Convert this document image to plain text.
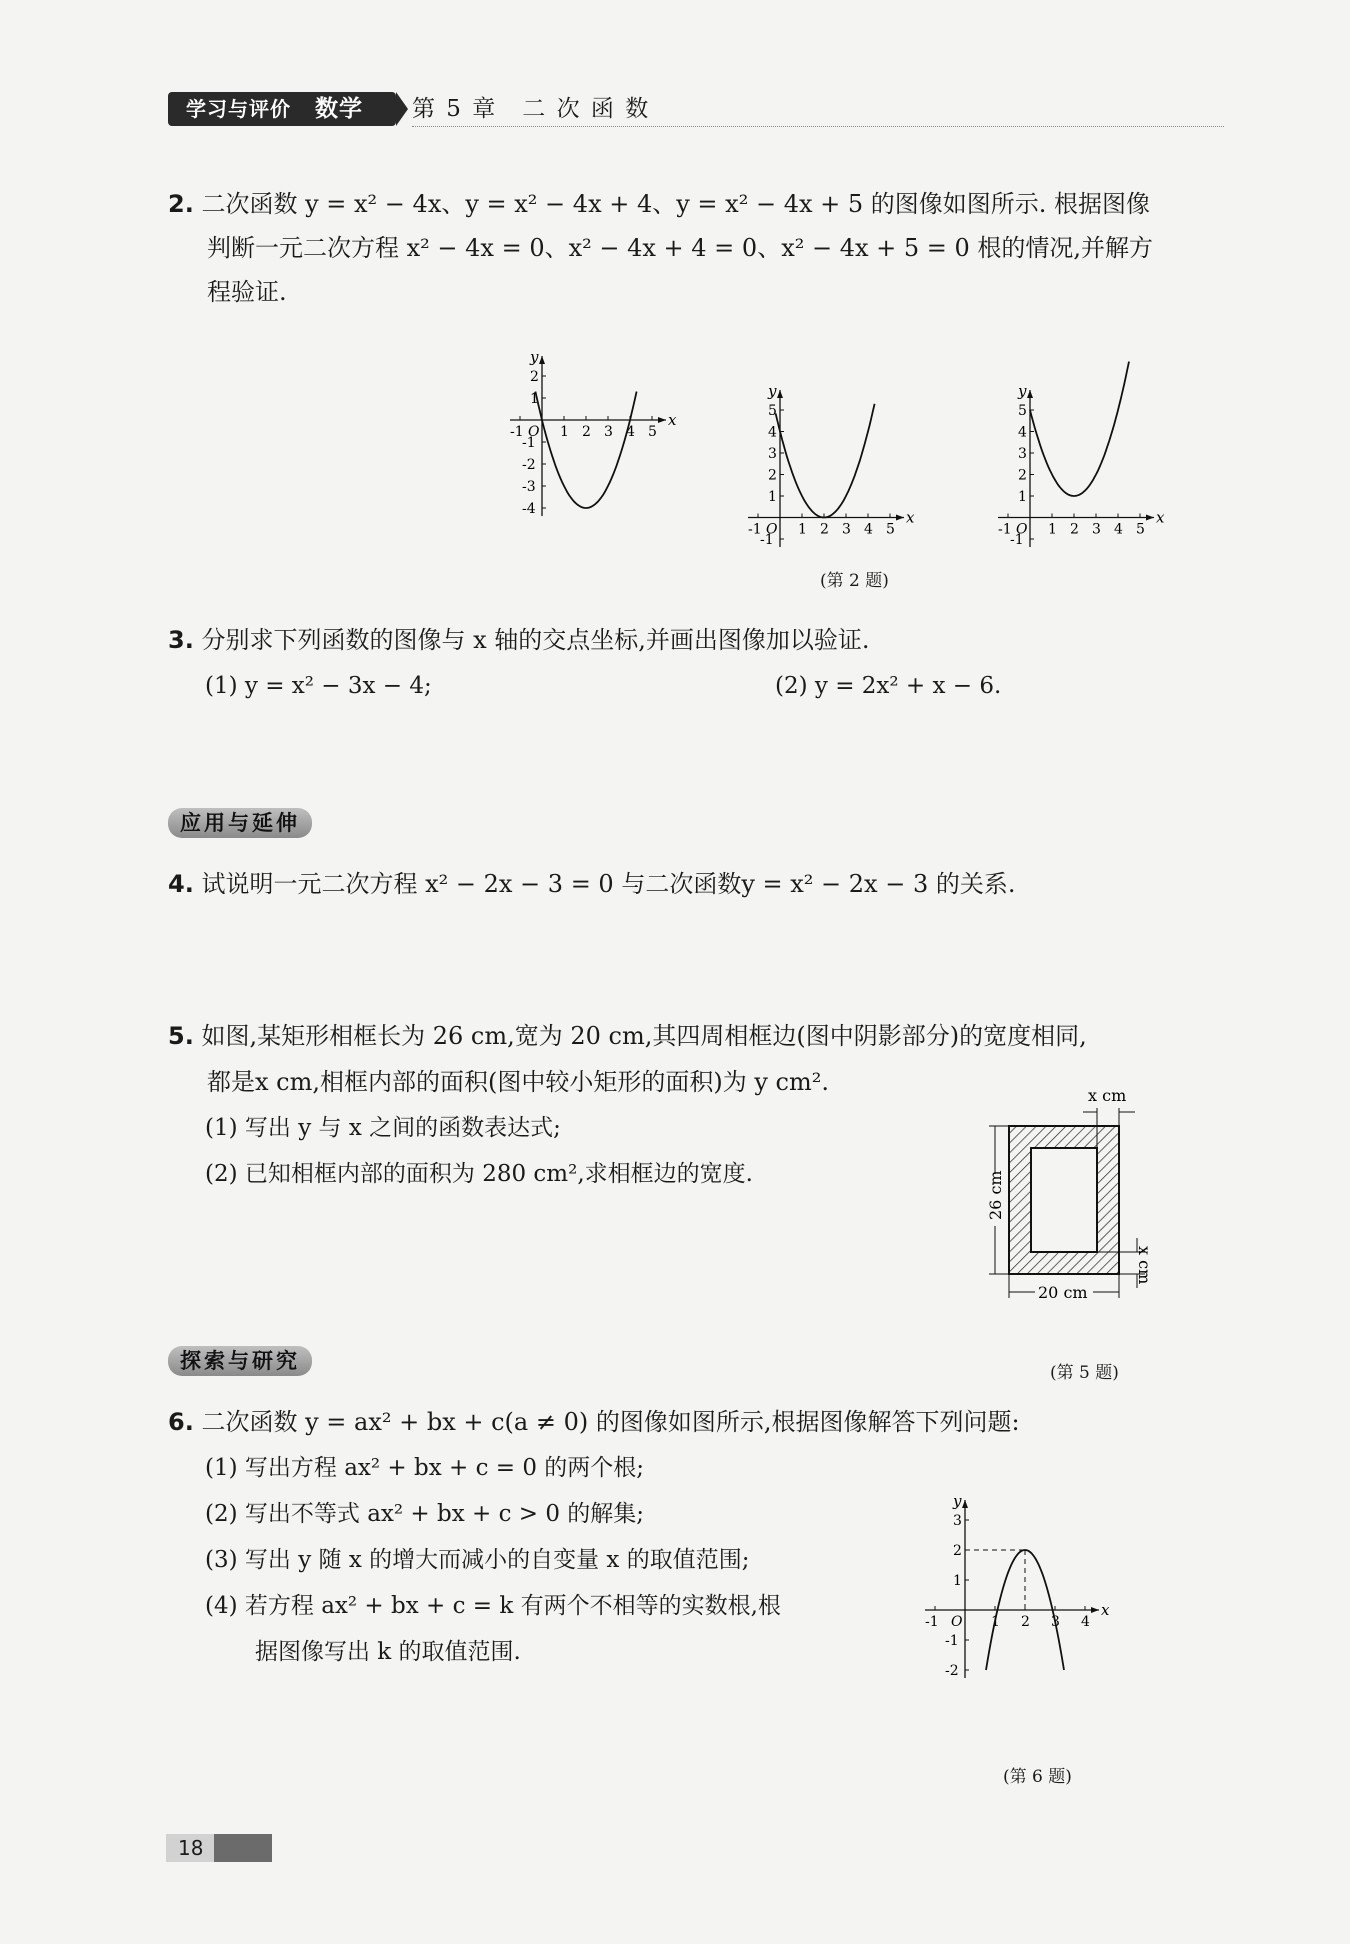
学习与评价 数学	第 5 章　二 次 函 数
2. 二次函数 y = x² − 4x、y = x² − 4x + 4、y = x² − 4x + 5 的图像如图所示. 根据图像
判断一元二次方程 x² − 4x = 0、x² − 4x + 4 = 0、x² − 4x + 5 = 0 根的情况,并解方
程验证.
x
y
-1 O 1 2 3 4 5
2
1
-1
-2
-3
-4	x
y
-1 O 1 2 3 4 5
5
4
3
2
1
-1
x
y
-1 O 1 2 3 4 5
5
4
3
2
1
-1
(第 2 题)
3. 分别求下列函数的图像与 x 轴的交点坐标,并画出图像加以验证.
(1) y = x² − 3x − 4;	(2) y = 2x² + x − 6.
应用与延伸
4. 试说明一元二次方程 x² − 2x − 3 = 0 与二次函数y = x² − 2x − 3 的关系.
5. 如图,某矩形相框长为 26 cm,宽为 20 cm,其四周相框边(图中阴影部分)的宽度相同,
都是x cm,相框内部的面积(图中较小矩形的面积)为 y cm².
(1) 写出 y 与 x 之间的函数表达式;
(2) 已知相框内部的面积为 280 cm²,求相框边的宽度.
x cm
26 cm
x cm
20 cm
(第 5 题)
探索与研究
6. 二次函数 y = ax² + bx + c(a ≠ 0) 的图像如图所示,根据图像解答下列问题:
(1) 写出方程 ax² + bx + c = 0 的两个根;
(2) 写出不等式 ax² + bx + c > 0 的解集;
(3) 写出 y 随 x 的增大而减小的自变量 x 的取值范围;
(4) 若方程 ax² + bx + c = k 有两个不相等的实数根,根
据图像写出 k 的取值范围.
x
y
-1 O 1 2 3 4
3
2
1
-1
-2
(第 6 题)
18
